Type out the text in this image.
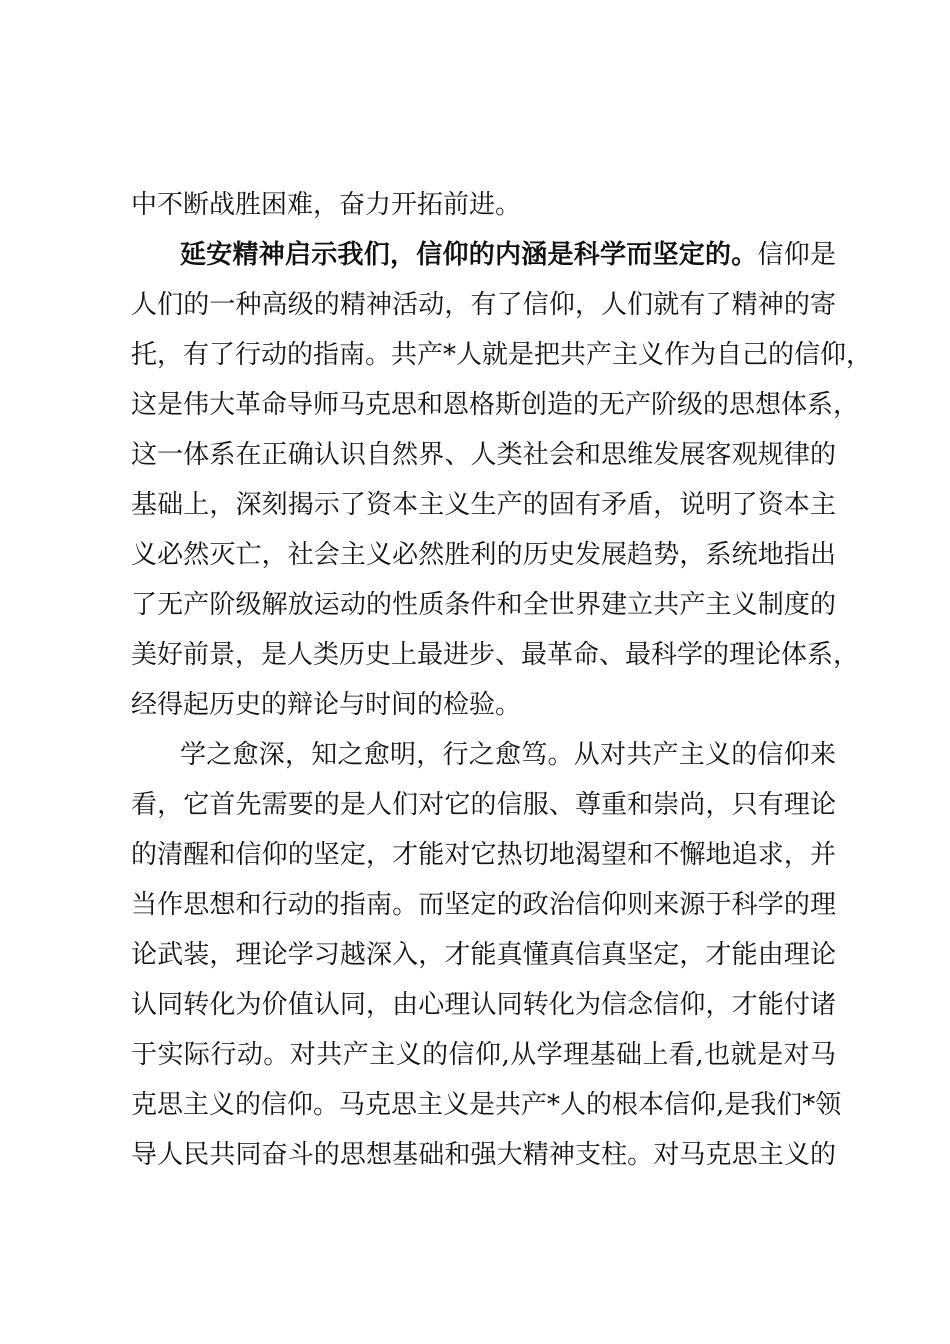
中不断战胜困难，奋力开拓前进。
延安精神启示我们，信仰的内涵是科学而坚定的。信仰是
人们的一种高级的精神活动，有了信仰，人们就有了精神的寄
托，有了行动的指南。共产*人就是把共产主义作为自己的信仰，
这是伟大革命导师马克思和恩格斯创造的无产阶级的思想体系，
这一体系在正确认识自然界、人类社会和思维发展客观规律的
基础上，深刻揭示了资本主义生产的固有矛盾，说明了资本主
义必然灭亡，社会主义必然胜利的历史发展趋势，系统地指出
了无产阶级解放运动的性质条件和全世界建立共产主义制度的
美好前景，是人类历史上最进步、最革命、最科学的理论体系，
经得起历史的辩论与时间的检验。
学之愈深，知之愈明，行之愈笃。从对共产主义的信仰来
看，它首先需要的是人们对它的信服、尊重和崇尚，只有理论
的清醒和信仰的坚定，才能对它热切地渴望和不懈地追求，并
当作思想和行动的指南。而坚定的政治信仰则来源于科学的理
论武装，理论学习越深入，才能真懂真信真坚定，才能由理论
认同转化为价值认同，由心理认同转化为信念信仰，才能付诸
于实际行动。对共产主义的信仰,从学理基础上看,也就是对马
克思主义的信仰。马克思主义是共产*人的根本信仰,是我们*领
导人民共同奋斗的思想基础和强大精神支柱。对马克思主义的
